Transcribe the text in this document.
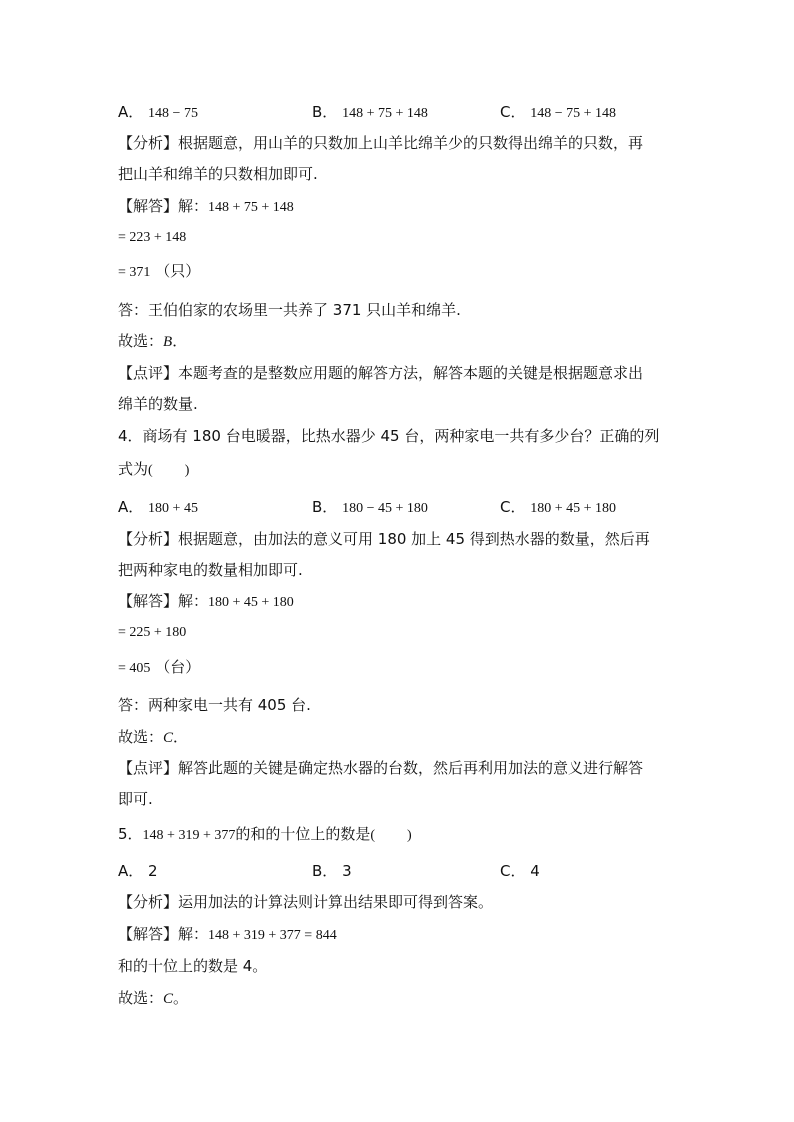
A． 148 − 75	B． 148 + 75 + 148	C． 148 − 75 + 148
【分析】根据题意，用山羊的只数加上山羊比绵羊少的只数得出绵羊的只数，再
把山羊和绵羊的只数相加即可.
【解答】解：148 + 75 + 148
= 223 + 148
= 371 （只）
答：王伯伯家的农场里一共养了 371 只山羊和绵羊.
故选：B．
【点评】本题考查的是整数应用题的解答方法，解答本题的关键是根据题意求出
绵羊的数量.
4．商场有 180 台电暖器，比热水器少 45 台，两种家电一共有多少台？正确的列
式为( )
A． 180 + 45	B． 180 − 45 + 180	C． 180 + 45 + 180
【分析】根据题意，由加法的意义可用 180 加上 45 得到热水器的数量，然后再
把两种家电的数量相加即可.
【解答】解：180 + 45 + 180
= 225 + 180
= 405 （台）
答：两种家电一共有 405 台.
故选：C．
【点评】解答此题的关键是确定热水器的台数，然后再利用加法的意义进行解答
即可.
5．148 + 319 + 377的和的十位上的数是( )
A． 2	B． 3	C． 4
【分析】运用加法的计算法则计算出结果即可得到答案。
【解答】解：148 + 319 + 377 = 844
和的十位上的数是 4。
故选：C。
